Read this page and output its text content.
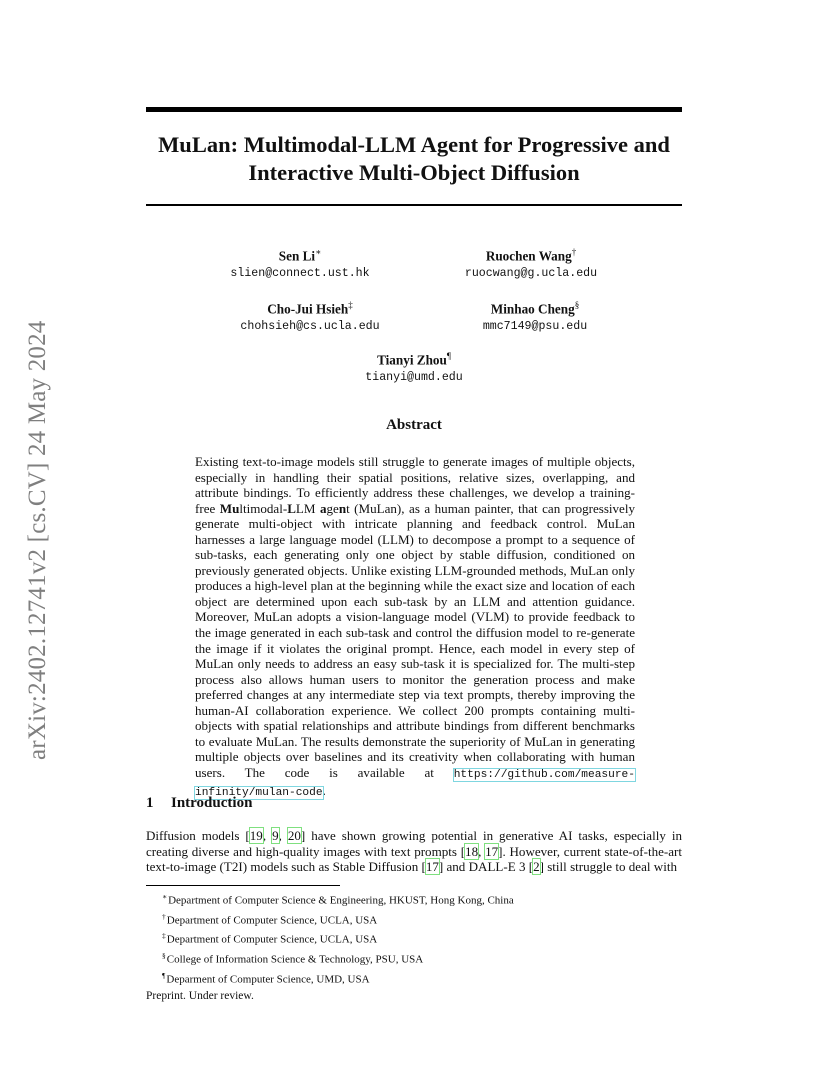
arXiv:2402.12741v2 [cs.CV] 24 May 2024
MuLan: Multimodal-LLM Agent for Progressive and
Interactive Multi-Object Diffusion
Sen Li∗
slien@connect.ust.hk
Ruochen Wang†
ruocwang@g.ucla.edu
Cho-Jui Hsieh‡
chohsieh@cs.ucla.edu
Minhao Cheng§
mmc7149@psu.edu
Tianyi Zhou¶
tianyi@umd.edu
Abstract
Existing text-to-image models still struggle to generate images of multiple objects, especially in handling their spatial positions, relative sizes, overlapping, and attribute bindings. To efficiently address these challenges, we develop a training-free Multimodal-LLM agent (MuLan), as a human painter, that can progressively generate multi-object with intricate planning and feedback control. MuLan harnesses a large language model (LLM) to decompose a prompt to a sequence of sub-tasks, each generating only one object by stable diffusion, conditioned on previously generated objects. Unlike existing LLM-grounded methods, MuLan only produces a high-level plan at the beginning while the exact size and location of each object are determined upon each sub-task by an LLM and attention guidance. Moreover, MuLan adopts a vision-language model (VLM) to provide feedback to the image generated in each sub-task and control the diffusion model to re-generate the image if it violates the original prompt. Hence, each model in every step of MuLan only needs to address an easy sub-task it is specialized for. The multi-step process also allows human users to monitor the generation process and make preferred changes at any intermediate step via text prompts, thereby improving the human-AI collaboration experience. We collect 200 prompts containing multi-objects with spatial relationships and attribute bindings from different benchmarks to evaluate MuLan. The results demonstrate the superiority of MuLan in generating multiple objects over baselines and its creativity when collaborating with human users. The code is available at https://github.com/measure-infinity/mulan-code.
1 Introduction
Diffusion models [19, 9, 20] have shown growing potential in generative AI tasks, especially in creating diverse and high-quality images with text prompts [18, 17]. However, current state-of-the-art text-to-image (T2I) models such as Stable Diffusion [17] and DALL-E 3 [2] still struggle to deal with
∗Department of Computer Science & Engineering, HKUST, Hong Kong, China
†Department of Computer Science, UCLA, USA
‡Department of Computer Science, UCLA, USA
§College of Information Science & Technology, PSU, USA
¶Deparment of Computer Science, UMD, USA
Preprint. Under review.
